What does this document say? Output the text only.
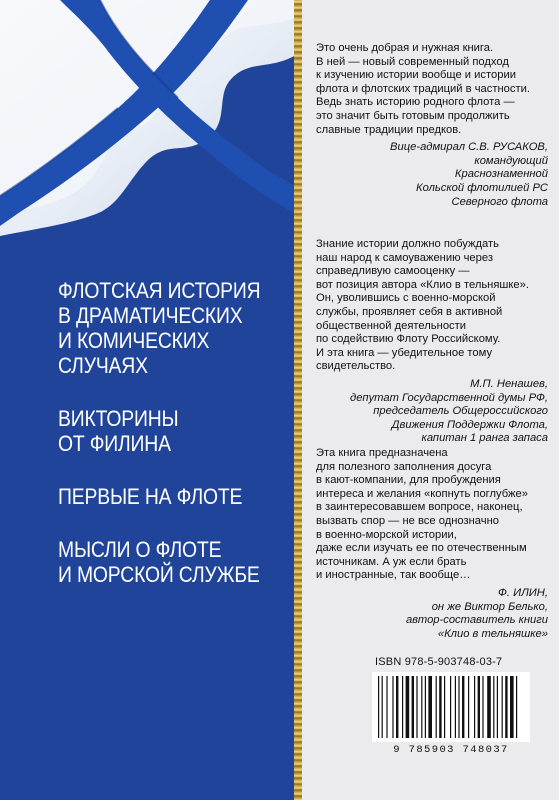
ФЛОТСКАЯ ИСТОРИЯ
В ДРАМАТИЧЕСКИХ
И КОМИЧЕСКИХ
СЛУЧАЯХ
ВИКТОРИНЫ
ОТ ФИЛИНА
ПЕРВЫЕ НА ФЛОТЕ
МЫСЛИ О ФЛОТЕ
И МОРСКОЙ СЛУЖБЕ
Это очень добрая и нужная книга.
В ней — новый современный подход
к изучению истории вообще и истории
флота и флотских традиций в частности.
Ведь знать историю родного флота —
это значит быть готовым продолжить
славные традиции предков.
Вице-адмирал С.В. РУСАКОВ,
командующий
Краснознаменной
Кольской флотилией РС
Северного флота
Знание истории должно побуждать
наш народ к самоуважению через
справедливую самооценку —
вот позиция автора «Клио в тельняшке».
Он, уволившись с военно-морской
службы, проявляет себя в активной
общественной деятельности
по содействию Флоту Российскому.
И эта книга — убедительное тому
свидетельство.
М.П. Ненашев,
депутат Государственной думы РФ,
председатель Общероссийского
Движения Поддержки Флота,
капитан 1 ранга запаса
Эта книга предназначена
для полезного заполнения досуга
в кают-компании, для пробуждения
интереса и желания «копнуть поглубже»
в заинтересовавшем вопросе, наконец,
вызвать спор — не все однозначно
в военно-морской истории,
даже если изучать ее по отечественным
источникам. А уж если брать
и иностранные, так вообще…
Ф. ИЛИН,
он же Виктор Белько,
автор-составитель книги
«Клио в тельняшке»
ISBN 978-5-903748-03-7
9 785903 748037
